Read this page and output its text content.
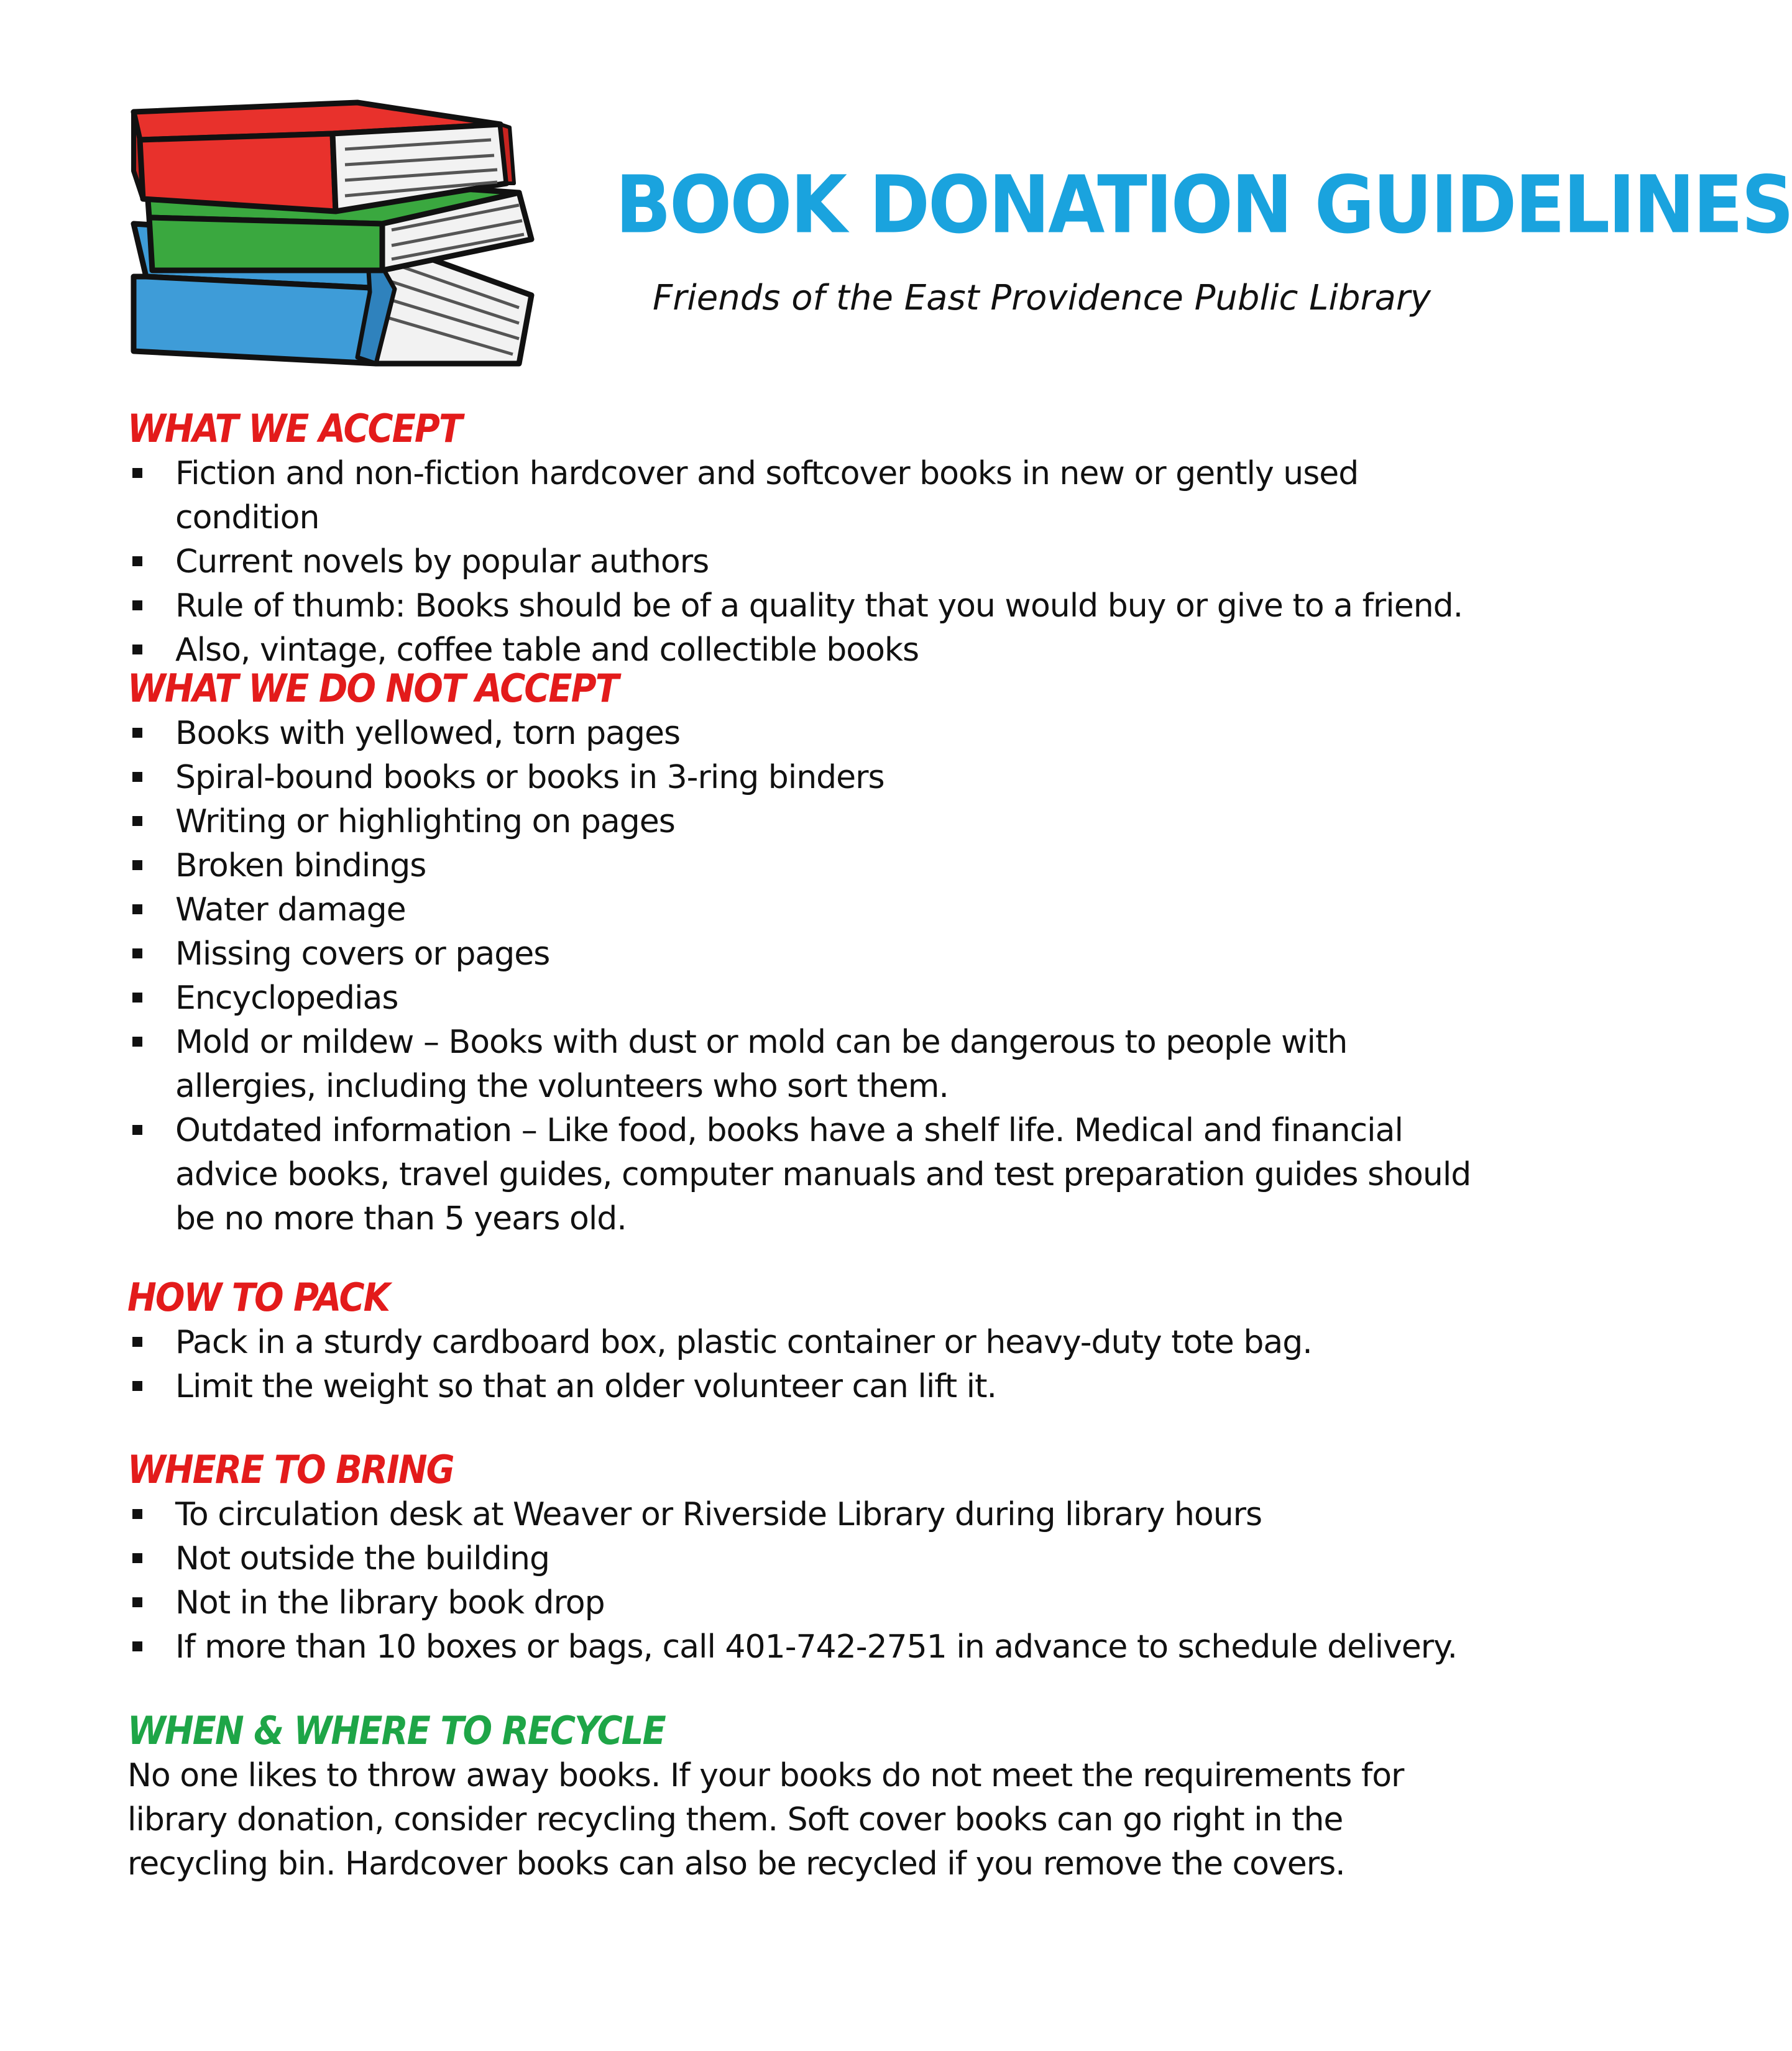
BOOK DONATION GUIDELINES

Friends of the East Providence Public Library

WHAT WE ACCEPT
Fiction and non-fiction hardcover and softcover books in new or gently used condition
Current novels by popular authors
Rule of thumb: Books should be of a quality that you would buy or give to a friend.
Also, vintage, coffee table and collectible books
WHAT WE DO NOT ACCEPT
Books with yellowed, torn pages
Spiral-bound books or books in 3-ring binders
Writing or highlighting on pages
Broken bindings
Water damage
Missing covers or pages
Encyclopedias
Mold or mildew – Books with dust or mold can be dangerous to people with allergies, including the volunteers who sort them.
Outdated information – Like food, books have a shelf life. Medical and financial advice books, travel guides, computer manuals and test preparation guides should be no more than 5 years old.
HOW TO PACK
Pack in a sturdy cardboard box, plastic container or heavy-duty tote bag.
Limit the weight so that an older volunteer can lift it.
WHERE TO BRING
To circulation desk at Weaver or Riverside Library during library hours
Not outside the building
Not in the library book drop
If more than 10 boxes or bags, call 401-742-2751 in advance to schedule delivery.
WHEN & WHERE TO RECYCLE

No one likes to throw away books. If your books do not meet the requirements for library donation, consider recycling them. Soft cover books can go right in the recycling bin. Hardcover books can also be recycled if you remove the covers.
